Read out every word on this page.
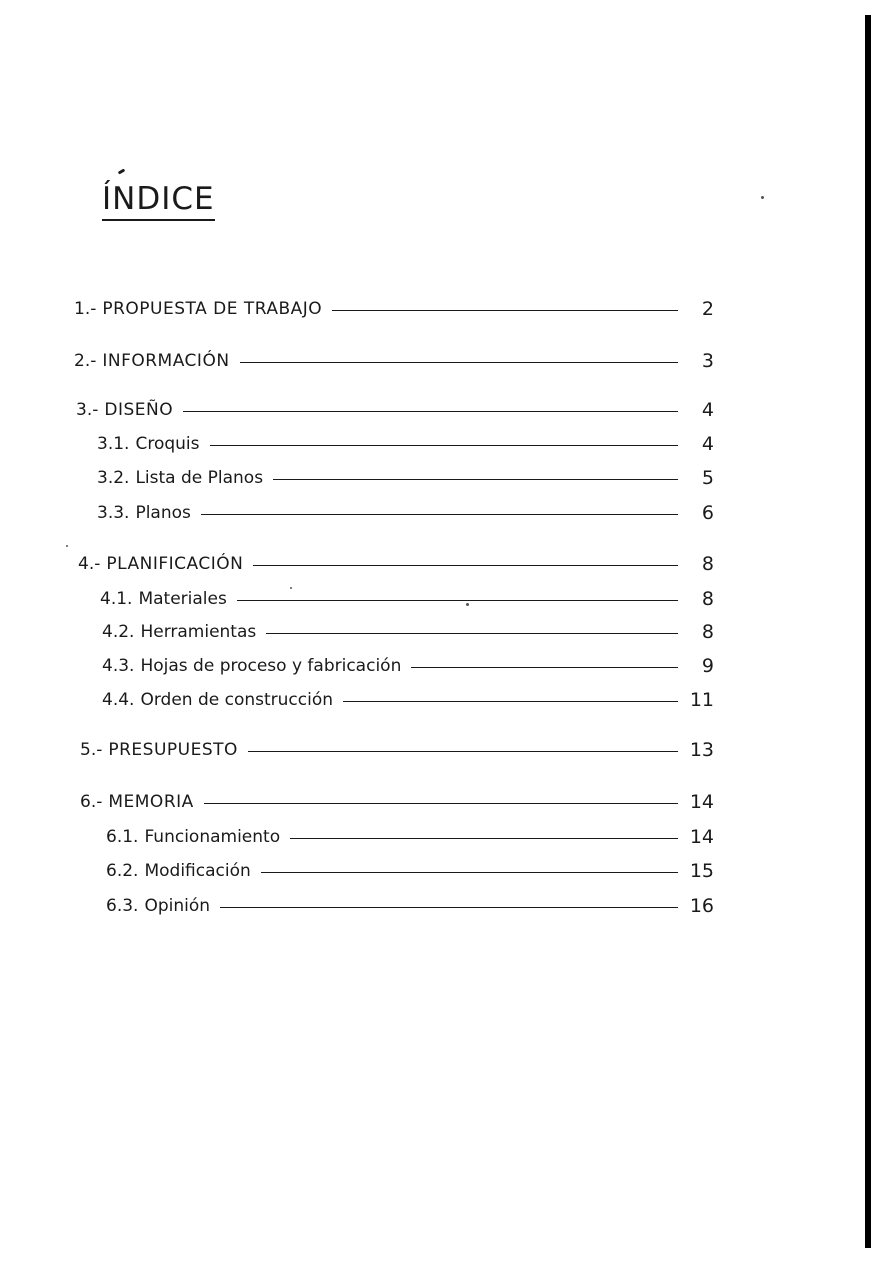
ÍNDICE
1.- PROPUESTA DE TRABAJO	2
2.- INFORMACIÓN	3
3.- DISEÑO	4
3.1. Croquis	4
3.2. Lista de Planos	5
3.3. Planos	6
4.- PLANIFICACIÓN	8
4.1. Materiales	8
4.2. Herramientas	8
4.3. Hojas de proceso y fabricación	9
4.4. Orden de construcción	11
5.- PRESUPUESTO	13
6.- MEMORIA	14
6.1. Funcionamiento	14
6.2. Modificación	15
6.3. Opinión	16
